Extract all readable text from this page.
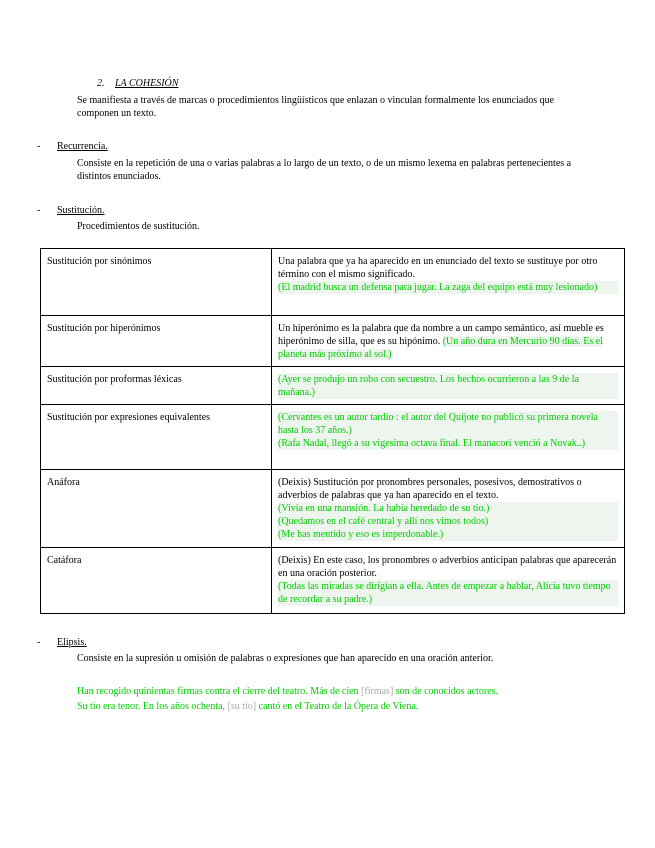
2. LA COHESIÓN
Se manifiesta a través de marcas o procedimientos lingüísticos que enlazan o vinculan formalmente los enunciados que componen un texto.
- Recurrencia.
Consiste en la repetición de una o varias palabras a lo largo de un texto, o de un mismo lexema en palabras pertenecientes a distintos enunciados.
- Sustitución.
Procedimientos de sustitución.
Sustitución por sinónimos	Una palabra que ya ha aparecido en un enunciado del texto se sustituye por otro término con el mismo significado.
(El madrid busca un defensa para jugar. La zaga del equipo está muy lesionado)

Sustitución por hiperónimos	Un hiperónimo es la palabra que da nombre a un campo semántico, así mueble es hiperónimo de silla, que es su hipónimo. (Un año dura en Mercurio 90 días. Es el planeta más próximo al sol.)
Sustitución por proformas léxicas	(Ayer se produjo un robo con secuestro. Los hechos ocurrieron a las 9 de la mañana.)

Sustitución por expresiones equivalentes	(Cervantes es un autor tardío : el autor del Quijote no publicó su primera novela hasta los 37 años.)
(Rafa Nadal, llegó a su vigesima octava final. El manacorí venció a Novak..)

Anáfora	(Deixis) Sustitución por pronombres personales, posesivos, demostrativos o adverbios de palabras que ya han aparecido en el texto.
(Vivía en una mansión. La había heredado de su tío.)
(Quedamos en el café central y allí nos vimos todos)
(Me has mentido y eso es imperdonable.)

Catáfora	(Deixis) En este caso, los pronombres o adverbios anticipan palabras que aparecerán en una oración posterior.
(Todas las miradas se dirigían a ella. Antes de empezar a hablar, Alicia tuvo tiempo de recordar a su padre.)
- Elipsis.
Consiste en la supresión u omisión de palabras o expresiones que han aparecido en una oración anterior.
Han recogido quinientas firmas contra el cierre del teatro. Más de cien [firmas] son de conocidos actores.
Su tío era tenor. En los años ochenta, [su tío] cantó en el Teatro de la Ópera de Viena.
